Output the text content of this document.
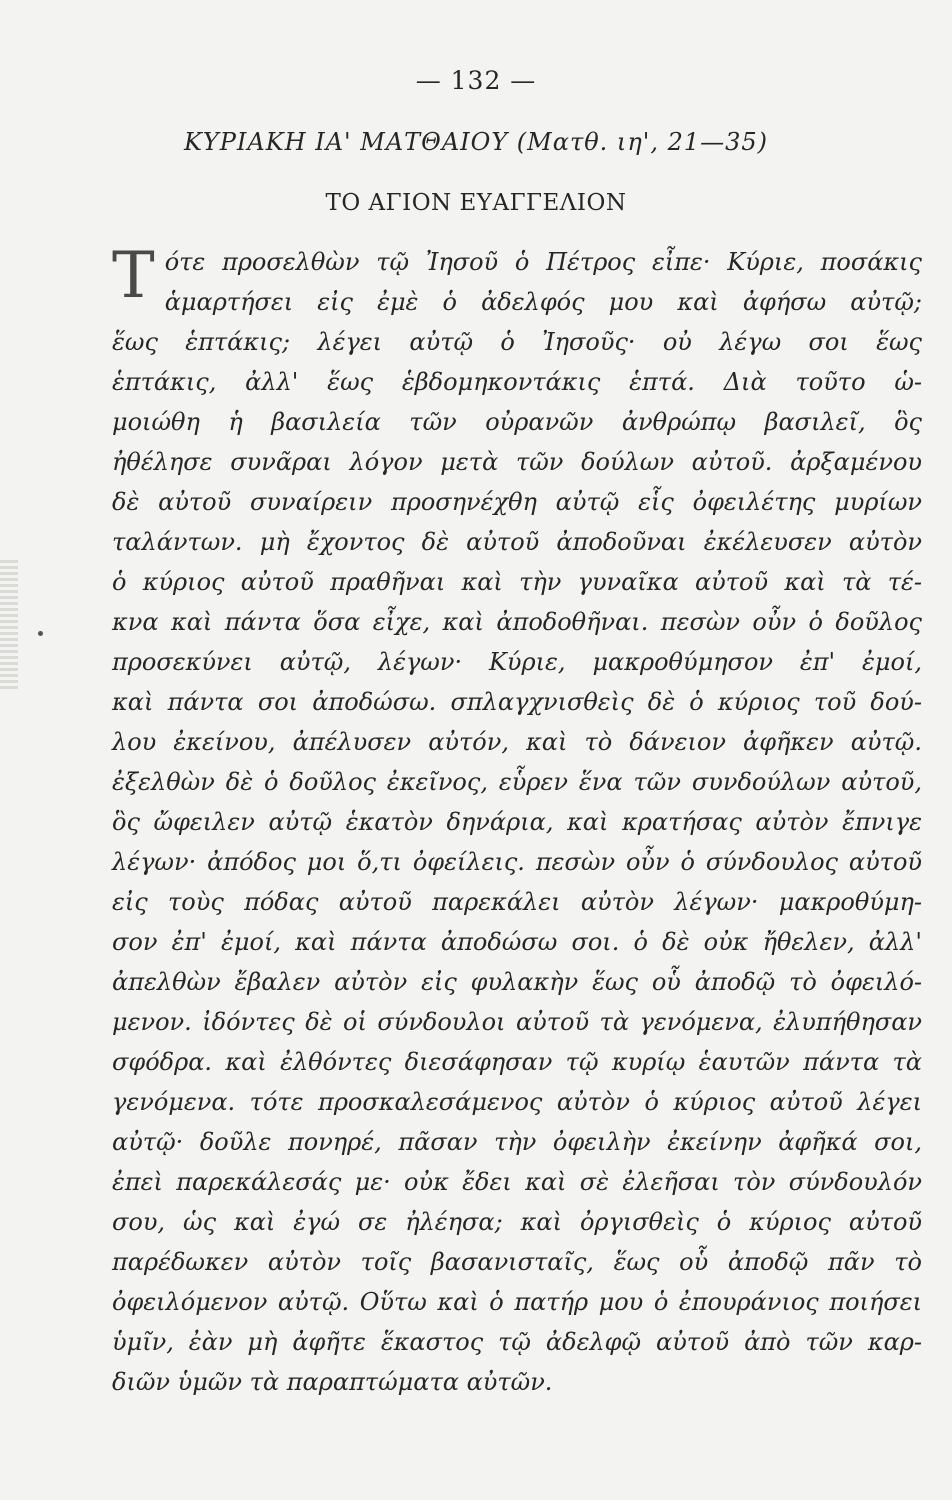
— 132 —
ΚΥΡΙΑΚΗ ΙΑ' ΜΑΤΘΑΙΟΥ (Ματθ. ιη', 21—35)
ΤΟ ΑΓΙΟΝ ΕΥΑΓΓΕΛΙΟΝ
Τ ότε προσελθὼν τῷ Ἰησοῦ ὁ Πέτρος εἶπε· Κύριε, ποσάκις
ἁμαρτήσει εἰς ἐμὲ ὁ ἀδελφός μου καὶ ἀφήσω αὐτῷ;
ἕως ἑπτάκις; λέγει αὐτῷ ὁ Ἰησοῦς· οὐ λέγω σοι ἕως
ἑπτάκις, ἀλλ' ἕως ἑβδομηκοντάκις ἑπτά. Διὰ τοῦτο ὡ-
μοιώθη ἡ βασιλεία τῶν οὐρανῶν ἀνθρώπῳ βασιλεῖ, ὃς
ἠθέλησε συνᾶραι λόγον μετὰ τῶν δούλων αὐτοῦ. ἀρξαμένου
δὲ αὐτοῦ συναίρειν προσηνέχθη αὐτῷ εἷς ὀφειλέτης μυρίων
ταλάντων. μὴ ἔχοντος δὲ αὐτοῦ ἀποδοῦναι ἐκέλευσεν αὐτὸν
ὁ κύριος αὐτοῦ πραθῆναι καὶ τὴν γυναῖκα αὐτοῦ καὶ τὰ τέ-
κνα καὶ πάντα ὅσα εἶχε, καὶ ἀποδοθῆναι. πεσὼν οὖν ὁ δοῦλος
προσεκύνει αὐτῷ, λέγων· Κύριε, μακροθύμησον ἐπ' ἐμοί,
καὶ πάντα σοι ἀποδώσω. σπλαγχνισθεὶς δὲ ὁ κύριος τοῦ δού-
λου ἐκείνου, ἀπέλυσεν αὐτόν, καὶ τὸ δάνειον ἀφῆκεν αὐτῷ.
ἐξελθὼν δὲ ὁ δοῦλος ἐκεῖνος, εὗρεν ἕνα τῶν συνδούλων αὐτοῦ,
ὃς ὤφειλεν αὐτῷ ἑκατὸν δηνάρια, καὶ κρατήσας αὐτὸν ἔπνιγε
λέγων· ἀπόδος μοι ὅ,τι ὀφείλεις. πεσὼν οὖν ὁ σύνδουλος αὐτοῦ
εἰς τοὺς πόδας αὐτοῦ παρεκάλει αὐτὸν λέγων· μακροθύμη-
σον ἐπ' ἐμοί, καὶ πάντα ἀποδώσω σοι. ὁ δὲ οὐκ ἤθελεν, ἀλλ'
ἀπελθὼν ἔβαλεν αὐτὸν εἰς φυλακὴν ἕως οὗ ἀποδῷ τὸ ὀφειλό-
μενον. ἰδόντες δὲ οἱ σύνδουλοι αὐτοῦ τὰ γενόμενα, ἐλυπήθησαν
σφόδρα. καὶ ἐλθόντες διεσάφησαν τῷ κυρίῳ ἑαυτῶν πάντα τὰ
γενόμενα. τότε προσκαλεσάμενος αὐτὸν ὁ κύριος αὐτοῦ λέγει
αὐτῷ· δοῦλε πονηρέ, πᾶσαν τὴν ὀφειλὴν ἐκείνην ἀφῆκά σοι,
ἐπεὶ παρεκάλεσάς με· οὐκ ἔδει καὶ σὲ ἐλεῆσαι τὸν σύνδουλόν
σου, ὡς καὶ ἐγώ σε ἠλέησα; καὶ ὀργισθεὶς ὁ κύριος αὐτοῦ
παρέδωκεν αὐτὸν τοῖς βασανισταῖς, ἕως οὗ ἀποδῷ πᾶν τὸ
ὀφειλόμενον αὐτῷ. Οὕτω καὶ ὁ πατήρ μου ὁ ἐπουράνιος ποιήσει
ὑμῖν, ἐὰν μὴ ἀφῆτε ἕκαστος τῷ ἀδελφῷ αὐτοῦ ἀπὸ τῶν καρ-
διῶν ὑμῶν τὰ παραπτώματα αὐτῶν.
